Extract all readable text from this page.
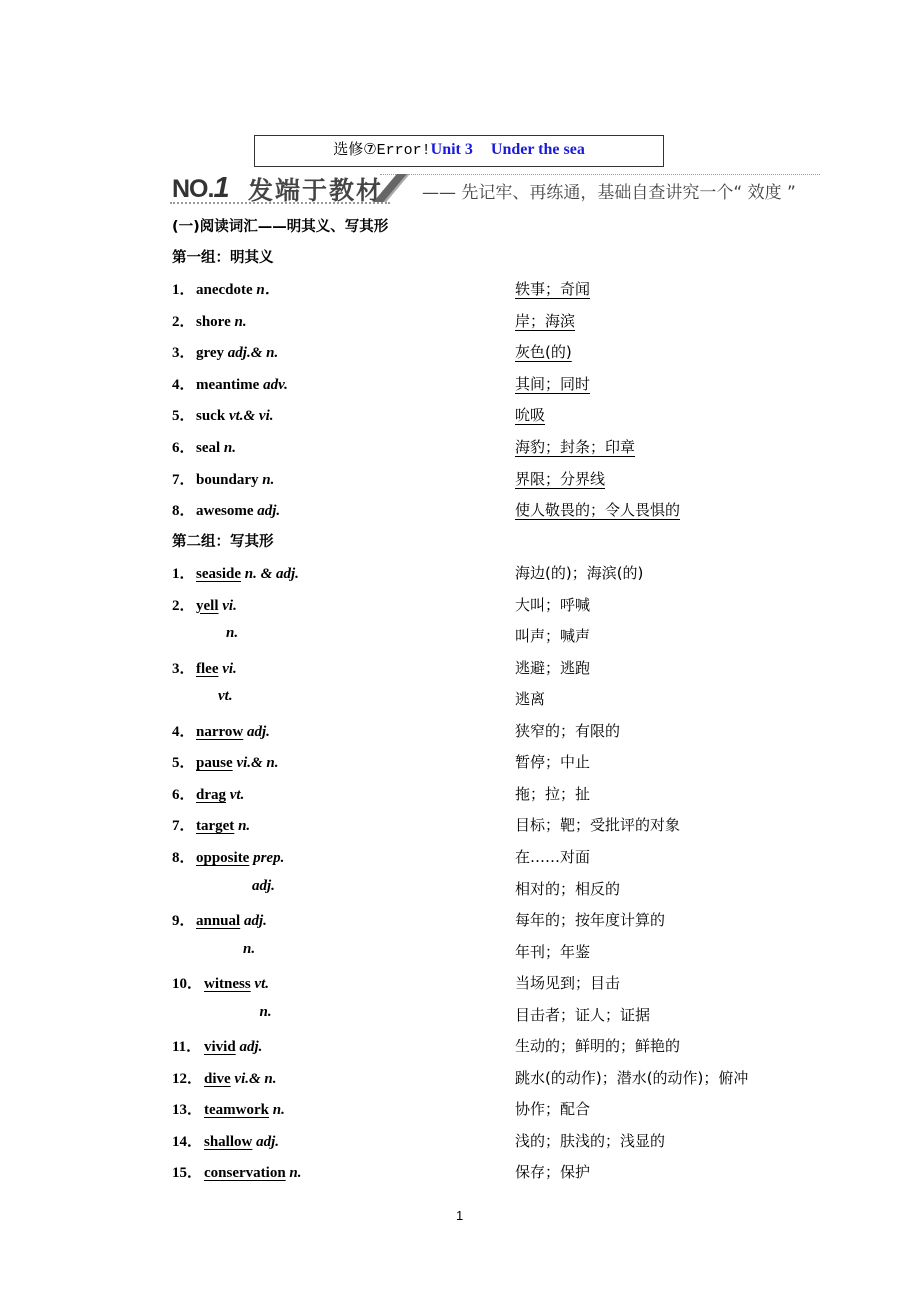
选修⑦Error!Unit 3 Under the sea
NO.1 发端于教材 —— 先记牢、再练通，基础自查讲究一个“ 效度 ”
(一)阅读词汇——明其义、写其形
第一组：明其义
1．anecdote n．	轶事；奇闻
2．shore n.	岸；海滨
3．grey adj.& n.	灰色(的)
4．meantime adv.	其间；同时
5．suck vt.& vi.	吮吸
6．seal n.	海豹；封条；印章
7．boundary n.	界限；分界线
8．awesome adj.	使人敬畏的；令人畏惧的
第二组：写其形
1．seaside n. & adj.	海边(的)；海滨(的)
2．yell vi.	大叫；呼喊
n.	叫声；喊声
3．flee vi.	逃避；逃跑
vt.	逃离
4．narrow adj.	狭窄的；有限的
5．pause vi.& n.	暂停；中止
6．drag vt.	拖；拉；扯
7．target n.	目标；靶；受批评的对象
8．opposite prep.	在……对面
adj.	相对的；相反的
9．annual adj.	每年的；按年度计算的
n.	年刊；年鉴
10． witness vt.	当场见到；目击
n.	目击者；证人；证据
11． vivid adj.	生动的；鲜明的；鲜艳的
12． dive vi.& n.	跳水(的动作)；潜水(的动作)；俯冲
13． teamwork n.	协作；配合
14． shallow adj.	浅的；肤浅的；浅显的
15． conservation n.	保存；保护
1
